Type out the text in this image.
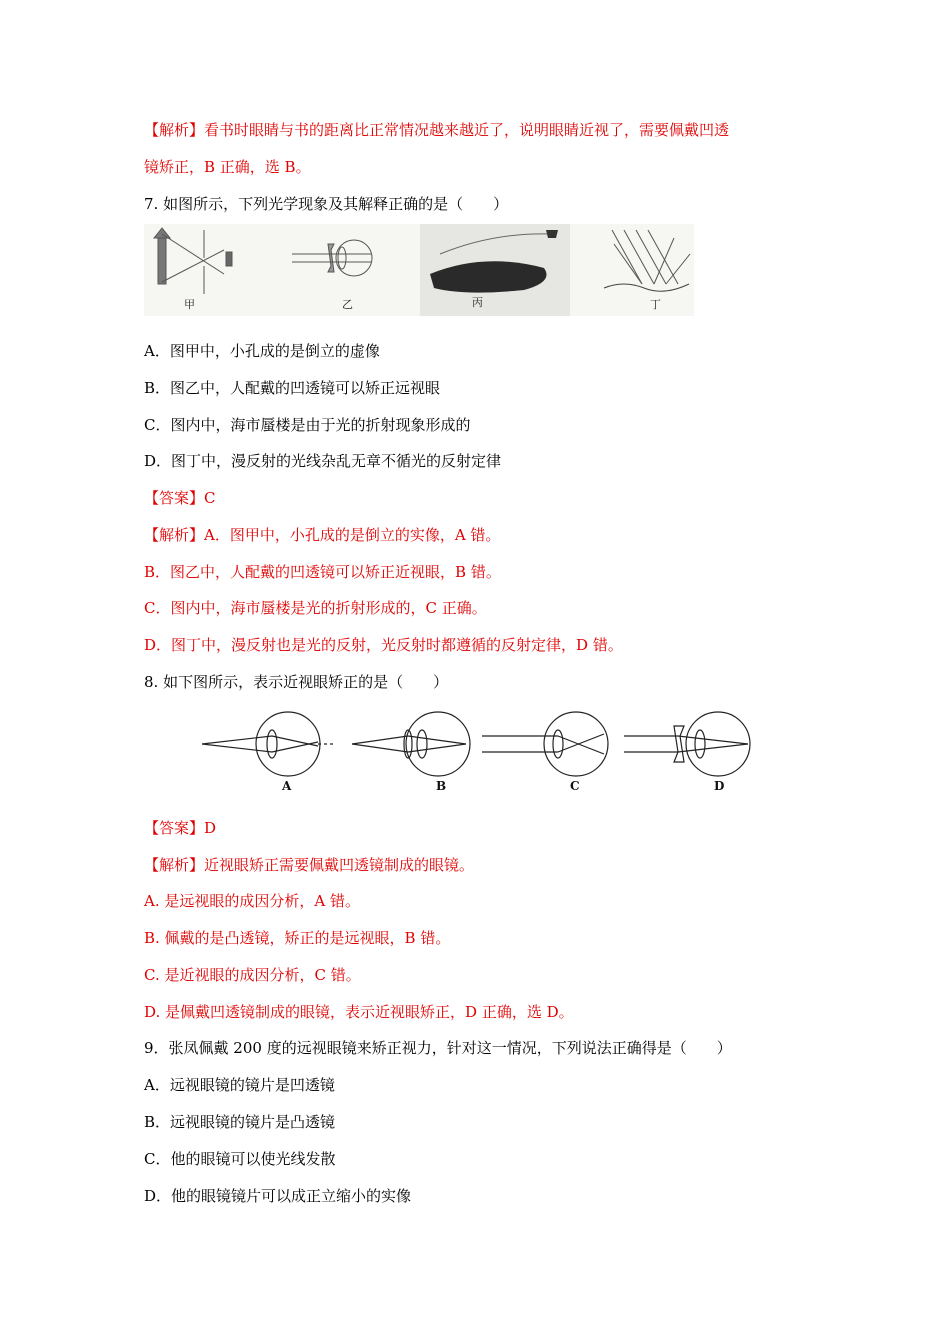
【解析】看书时眼睛与书的距离比正常情况越来越近了，说明眼睛近视了，需要佩戴凹透
镜矫正，B 正确，选 B。
7. 如图所示，下列光学现象及其解释正确的是（　　）
甲	乙	丙	丁
A．图甲中，小孔成的是倒立的虚像
B．图乙中，人配戴的凹透镜可以矫正远视眼
C．图内中，海市蜃楼是由于光的折射现象形成的
D．图丁中，漫反射的光线杂乱无章不循光的反射定律
【答案】C
【解析】A．图甲中，小孔成的是倒立的实像，A 错。
B．图乙中，人配戴的凹透镜可以矫正近视眼，B 错。
C．图内中，海市蜃楼是光的折射形成的，C 正确。
D．图丁中，漫反射也是光的反射，光反射时都遵循的反射定律，D 错。
8. 如下图所示，表示近视眼矫正的是（　　）
A	B	C	D
【答案】D
【解析】近视眼矫正需要佩戴凹透镜制成的眼镜。
A. 是远视眼的成因分析，A 错。
B. 佩戴的是凸透镜，矫正的是远视眼，B 错。
C. 是近视眼的成因分析，C 错。
D. 是佩戴凹透镜制成的眼镜，表示近视眼矫正，D 正确，选 D。
9．张凤佩戴 200 度的远视眼镜来矫正视力，针对这一情况，下列说法正确得是（　　）
A．远视眼镜的镜片是凹透镜
B．远视眼镜的镜片是凸透镜
C．他的眼镜可以使光线发散
D．他的眼镜镜片可以成正立缩小的实像
